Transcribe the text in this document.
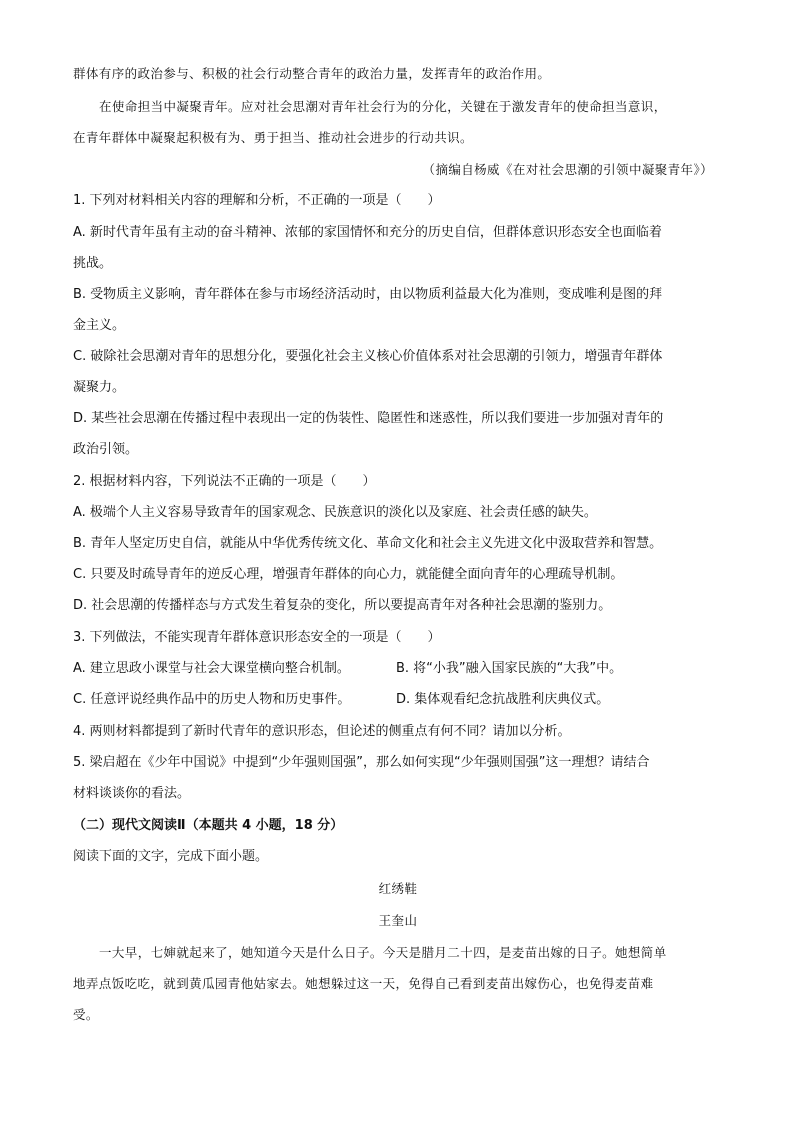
群体有序的政治参与、积极的社会行动整合青年的政治力量，发挥青年的政治作用。
在使命担当中凝聚青年。应对社会思潮对青年社会行为的分化，关键在于激发青年的使命担当意识，
在青年群体中凝聚起积极有为、勇于担当、推动社会进步的行动共识。
（摘编自杨威《在对社会思潮的引领中凝聚青年》）
1. 下列对材料相关内容的理解和分析，不正确的一项是（　　）
A. 新时代青年虽有主动的奋斗精神、浓郁的家国情怀和充分的历史自信，但群体意识形态安全也面临着
挑战。
B. 受物质主义影响，青年群体在参与市场经济活动时，由以物质利益最大化为准则，变成唯利是图的拜
金主义。
C. 破除社会思潮对青年的思想分化，要强化社会主义核心价值体系对社会思潮的引领力，增强青年群体
凝聚力。
D. 某些社会思潮在传播过程中表现出一定的伪装性、隐匿性和迷惑性，所以我们要进一步加强对青年的
政治引领。
2. 根据材料内容，下列说法不正确的一项是（　　）
A. 极端个人主义容易导致青年的国家观念、民族意识的淡化以及家庭、社会责任感的缺失。
B. 青年人坚定历史自信，就能从中华优秀传统文化、革命文化和社会主义先进文化中汲取营养和智慧。
C. 只要及时疏导青年的逆反心理，增强青年群体的向心力，就能健全面向青年的心理疏导机制。
D. 社会思潮的传播样态与方式发生着复杂的变化，所以要提高青年对各种社会思潮的鉴别力。
3. 下列做法，不能实现青年群体意识形态安全的一项是（　　）
A. 建立思政小课堂与社会大课堂横向整合机制。	B. 将“小我”融入国家民族的“大我”中。
C. 任意评说经典作品中的历史人物和历史事件。	D. 集体观看纪念抗战胜利庆典仪式。
4. 两则材料都提到了新时代青年的意识形态，但论述的侧重点有何不同？请加以分析。
5. 梁启超在《少年中国说》中提到“少年强则国强”，那么如何实现“少年强则国强”这一理想？请结合
材料谈谈你的看法。
（二）现代文阅读Ⅱ（本题共 4 小题，18 分）
阅读下面的文字，完成下面小题。
红绣鞋
王奎山
一大早，七婶就起来了，她知道今天是什么日子。今天是腊月二十四，是麦苗出嫁的日子。她想简单
地弄点饭吃吃，就到黄瓜园青他姑家去。她想躲过这一天，免得自己看到麦苗出嫁伤心，也免得麦苗难
受。
